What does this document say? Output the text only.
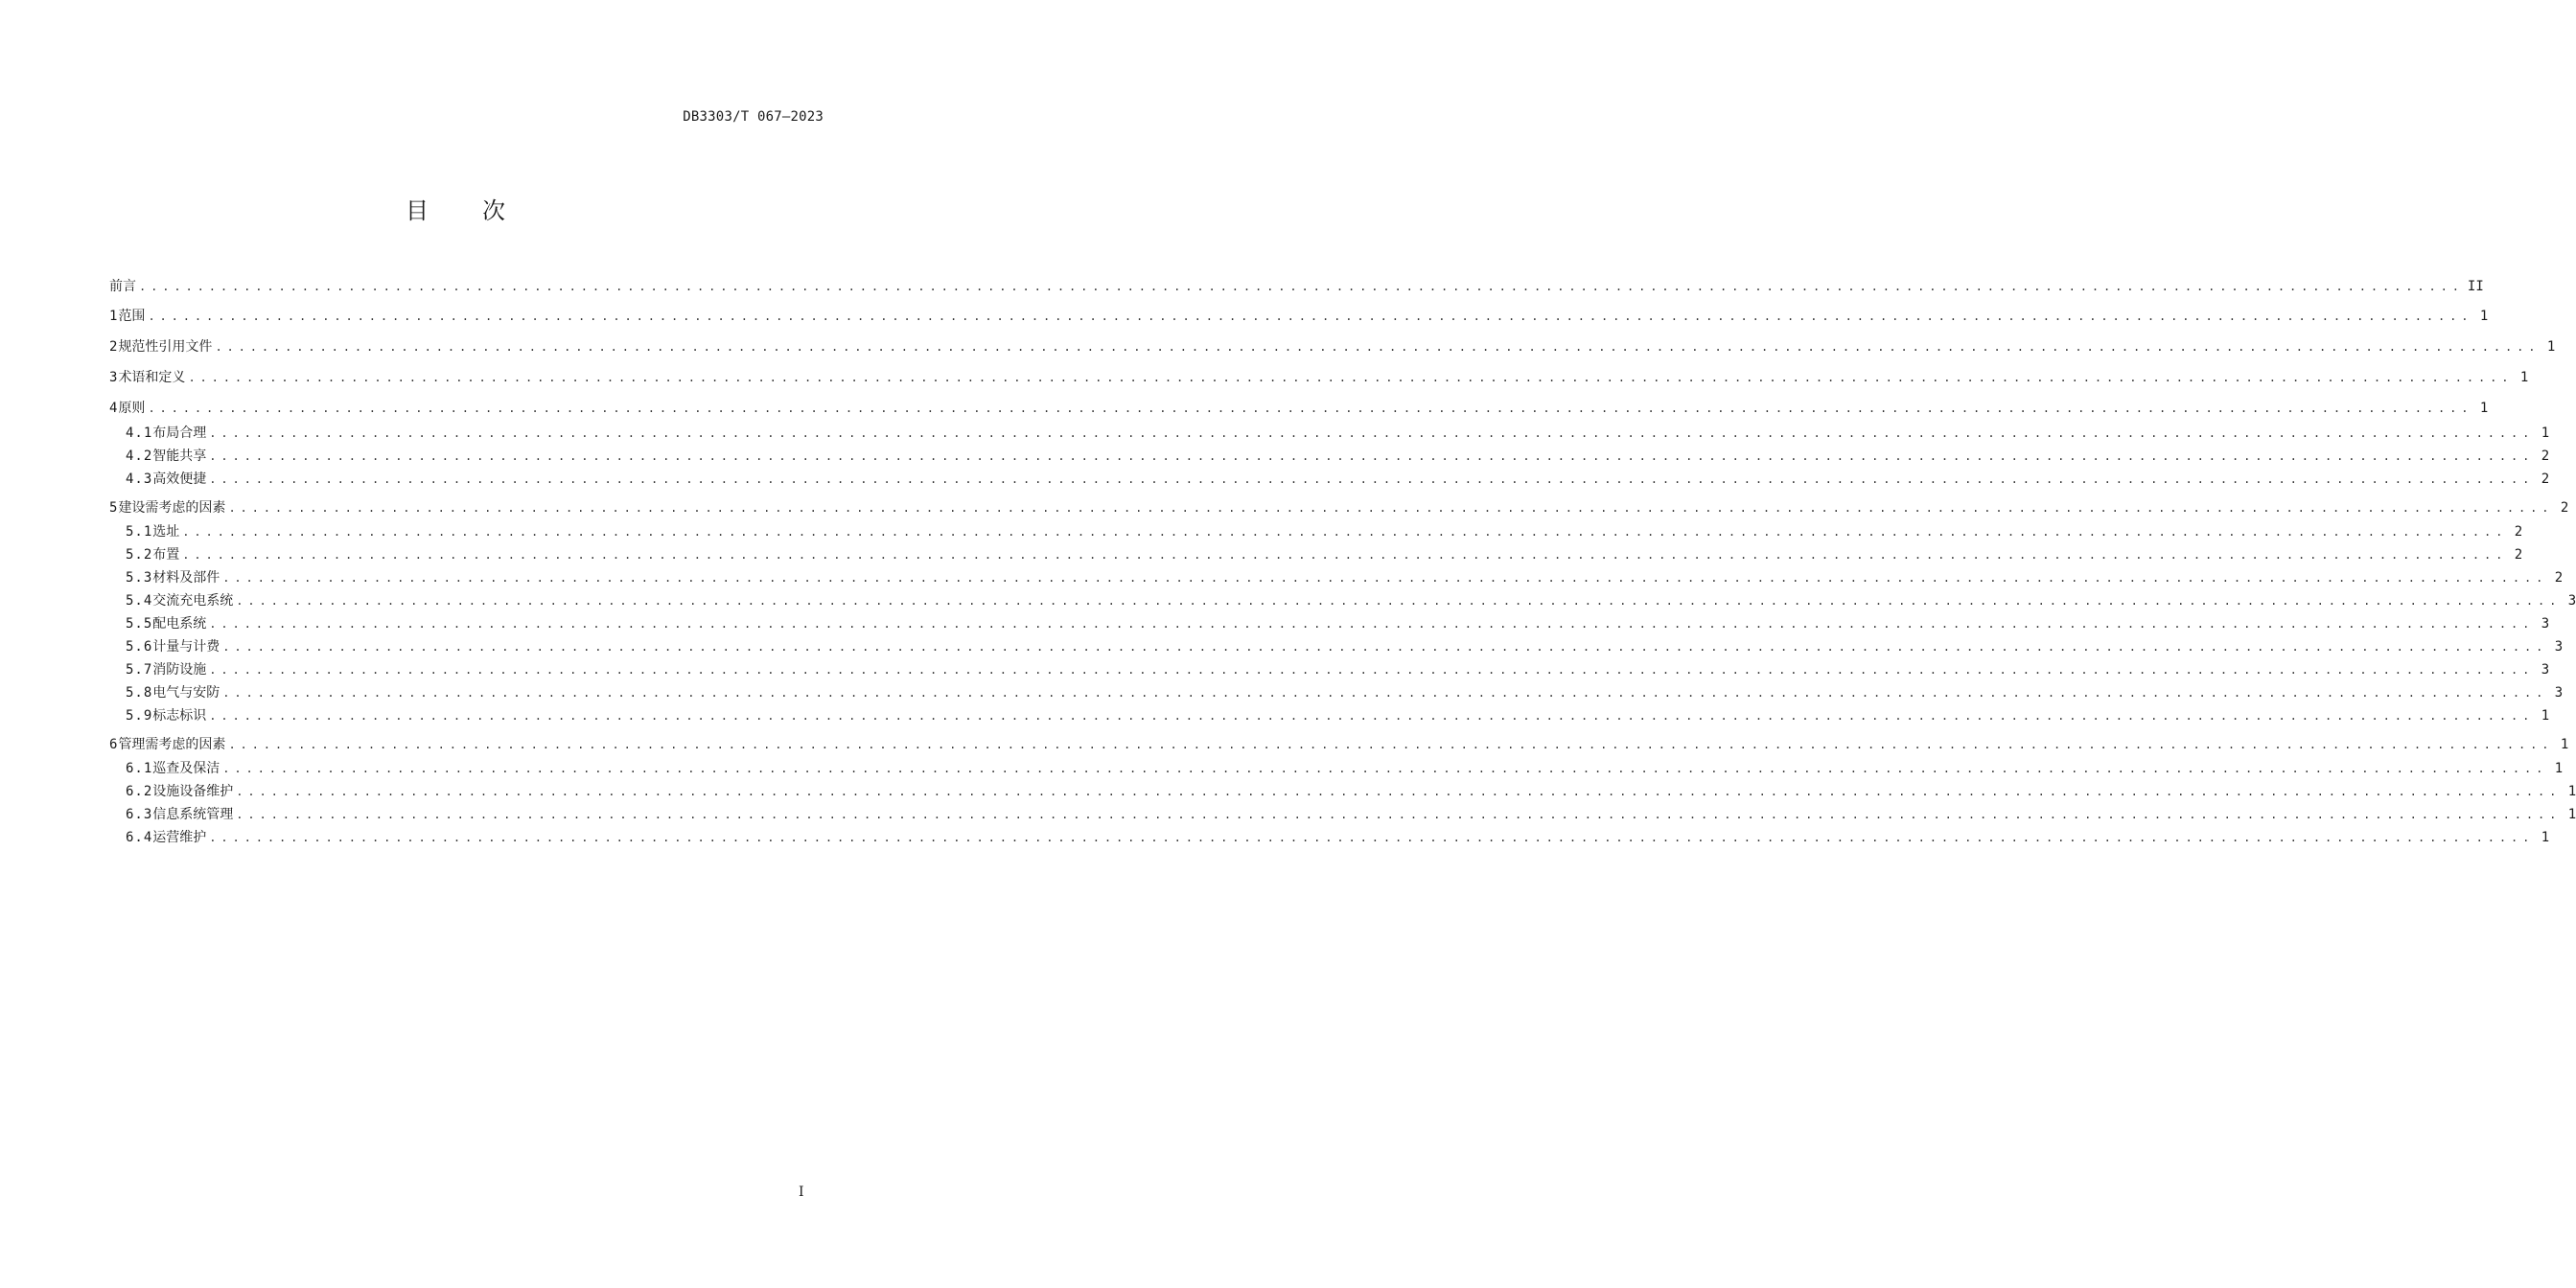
DB3303/T 067—2023
目 次
前言 ........................................................................................................................................................................................................ II
1 范围 ........................................................................................................................................................................................................ 1
2 规范性引用文件 ........................................................................................................................................................................................................ 1
3 术语和定义 ........................................................................................................................................................................................................ 1
4 原则 ........................................................................................................................................................................................................ 1
4.1 布局合理 ........................................................................................................................................................................................................ 1
4.2 智能共享 ........................................................................................................................................................................................................ 2
4.3 高效便捷 ........................................................................................................................................................................................................ 2
5 建设需考虑的因素 ........................................................................................................................................................................................................ 2
5.1 选址 ........................................................................................................................................................................................................ 2
5.2 布置 ........................................................................................................................................................................................................ 2
5.3 材料及部件 ........................................................................................................................................................................................................ 2
5.4 交流充电系统 ........................................................................................................................................................................................................ 3
5.5 配电系统 ........................................................................................................................................................................................................ 3
5.6 计量与计费 ........................................................................................................................................................................................................ 3
5.7 消防设施 ........................................................................................................................................................................................................ 3
5.8 电气与安防 ........................................................................................................................................................................................................ 3
5.9 标志标识 ........................................................................................................................................................................................................ 1
6 管理需考虑的因素 ........................................................................................................................................................................................................ 1
6.1 巡查及保洁 ........................................................................................................................................................................................................ 1
6.2 设施设备维护 ........................................................................................................................................................................................................ 1
6.3 信息系统管理 ........................................................................................................................................................................................................ 1
6.4 运营维护 ........................................................................................................................................................................................................ 1
I
